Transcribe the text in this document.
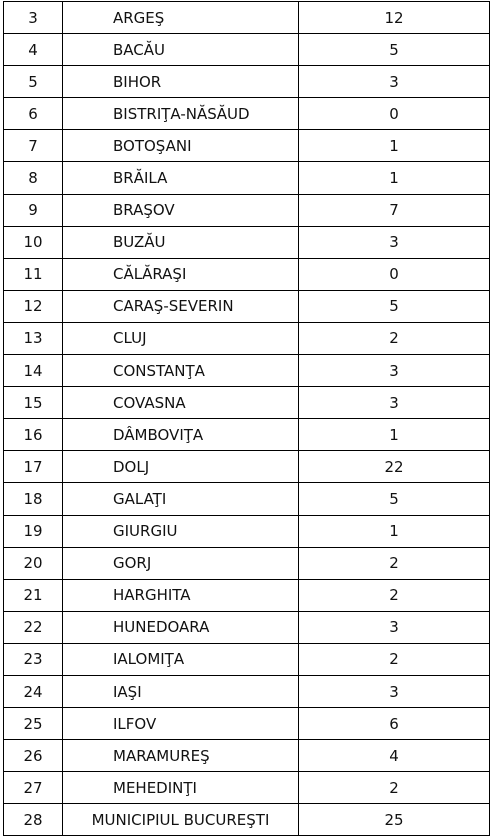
3	ARGEŞ	12
4	BACĂU	5
5	BIHOR	3
6	BISTRIŢA-NĂSĂUD	0
7	BOTOŞANI	1
8	BRĂILA	1
9	BRAŞOV	7
10	BUZĂU	3
11	CĂLĂRAŞI	0
12	CARAŞ-SEVERIN	5
13	CLUJ	2
14	CONSTANŢA	3
15	COVASNA	3
16	DÂMBOVIŢA	1
17	DOLJ	22
18	GALAŢI	5
19	GIURGIU	1
20	GORJ	2
21	HARGHITA	2
22	HUNEDOARA	3
23	IALOMIŢA	2
24	IAŞI	3
25	ILFOV	6
26	MARAMUREŞ	4
27	MEHEDINŢI	2
28	MUNICIPIUL BUCUREŞTI	25
